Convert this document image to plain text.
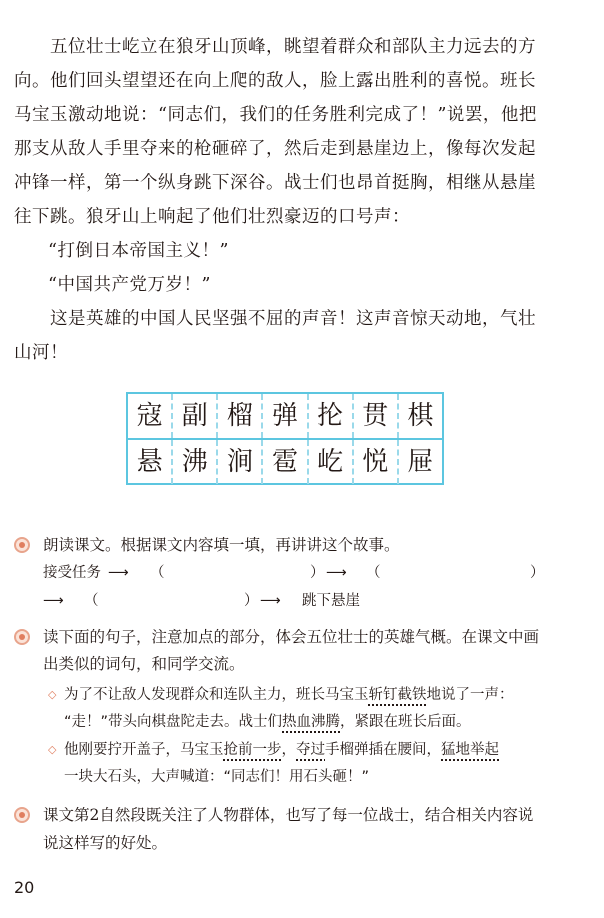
五位壮士屹立在狼牙山顶峰，眺望着群众和部队主力远去的方
向。他们回头望望还在向上爬的敌人，脸上露出胜利的喜悦。班长
马宝玉激动地说：“同志们，我们的任务胜利完成了！”说罢，他把
那支从敌人手里夺来的枪砸碎了，然后走到悬崖边上，像每次发起
冲锋一样，第一个纵身跳下深谷。战士们也昂首挺胸，相继从悬崖
往下跳。狼牙山上响起了他们壮烈豪迈的口号声：
“打倒日本帝国主义！”
“中国共产党万岁！”
这是英雄的中国人民坚强不屈的声音！这声音惊天动地，气壮
山河！
寇 副 榴 弹 抡 贯 棋
悬 沸 涧 雹 屹 悦 屉
朗读课文。根据课文内容填一填，再讲讲这个故事。
接受任务 ⟶ （	） ⟶ （	）
⟶ （	） ⟶ 跳下悬崖
读下面的句子，注意加点的部分，体会五位壮士的英雄气概。在课文中画
出类似的词句，和同学交流。
◇ 为了不让敌人发现群众和连队主力，班长马宝玉斩钉截铁地说了一声：
“走！”带头向棋盘陀走去。战士们热血沸腾，紧跟在班长后面。
◇ 他刚要拧开盖子，马宝玉抢前一步，夺过手榴弹插在腰间，猛地举起
一块大石头，大声喊道：“同志们！用石头砸！”
课文第2自然段既关注了人物群体，也写了每一位战士，结合相关内容说
说这样写的好处。
20
